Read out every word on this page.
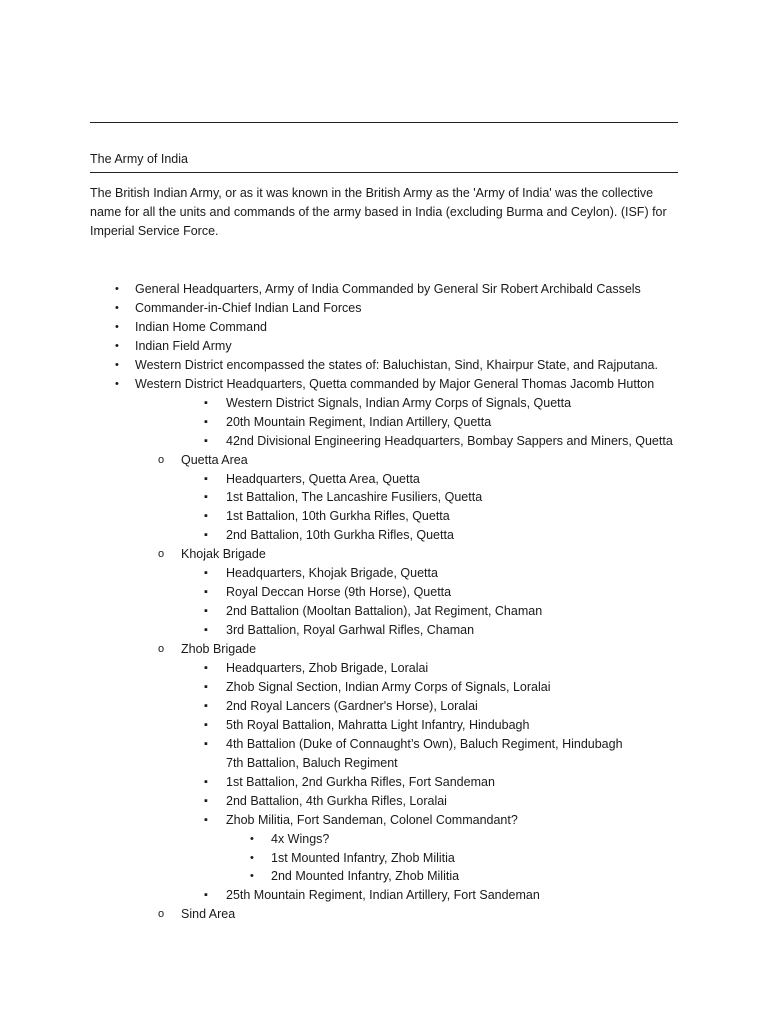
The Army of India

The British Indian Army, or as it was known in the British Army as the 'Army of India' was the collective name for all the units and commands of the army based in India (excluding Burma and Ceylon). (ISF) for Imperial Service Force.

• General Headquarters, Army of India Commanded by General Sir Robert Archibald Cassels
• Commander-in-Chief Indian Land Forces
• Indian Home Command
• Indian Field Army
• Western District encompassed the states of: Baluchistan, Sind, Khairpur State, and Rajputana.
• Western District Headquarters, Quetta commanded by Major General Thomas Jacomb Hutton
▪ Western District Signals, Indian Army Corps of Signals, Quetta
▪ 20th Mountain Regiment, Indian Artillery, Quetta
▪ 42nd Divisional Engineering Headquarters, Bombay Sappers and Miners, Quetta
o Quetta Area
▪ Headquarters, Quetta Area, Quetta
▪ 1st Battalion, The Lancashire Fusiliers, Quetta
▪ 1st Battalion, 10th Gurkha Rifles, Quetta
▪ 2nd Battalion, 10th Gurkha Rifles, Quetta
o Khojak Brigade
▪ Headquarters, Khojak Brigade, Quetta
▪ Royal Deccan Horse (9th Horse), Quetta
▪ 2nd Battalion (Mooltan Battalion), Jat Regiment, Chaman
▪ 3rd Battalion, Royal Garhwal Rifles, Chaman
o Zhob Brigade
▪ Headquarters, Zhob Brigade, Loralai
▪ Zhob Signal Section, Indian Army Corps of Signals, Loralai
▪ 2nd Royal Lancers (Gardner's Horse), Loralai
▪ 5th Royal Battalion, Mahratta Light Infantry, Hindubagh
▪ 4th Battalion (Duke of Connaught’s Own), Baluch Regiment, Hindubagh
7th Battalion, Baluch Regiment
▪ 1st Battalion, 2nd Gurkha Rifles, Fort Sandeman
▪ 2nd Battalion, 4th Gurkha Rifles, Loralai
▪ Zhob Militia, Fort Sandeman, Colonel Commandant?
• 4x Wings?
• 1st Mounted Infantry, Zhob Militia
• 2nd Mounted Infantry, Zhob Militia
▪ 25th Mountain Regiment, Indian Artillery, Fort Sandeman
o Sind Area
